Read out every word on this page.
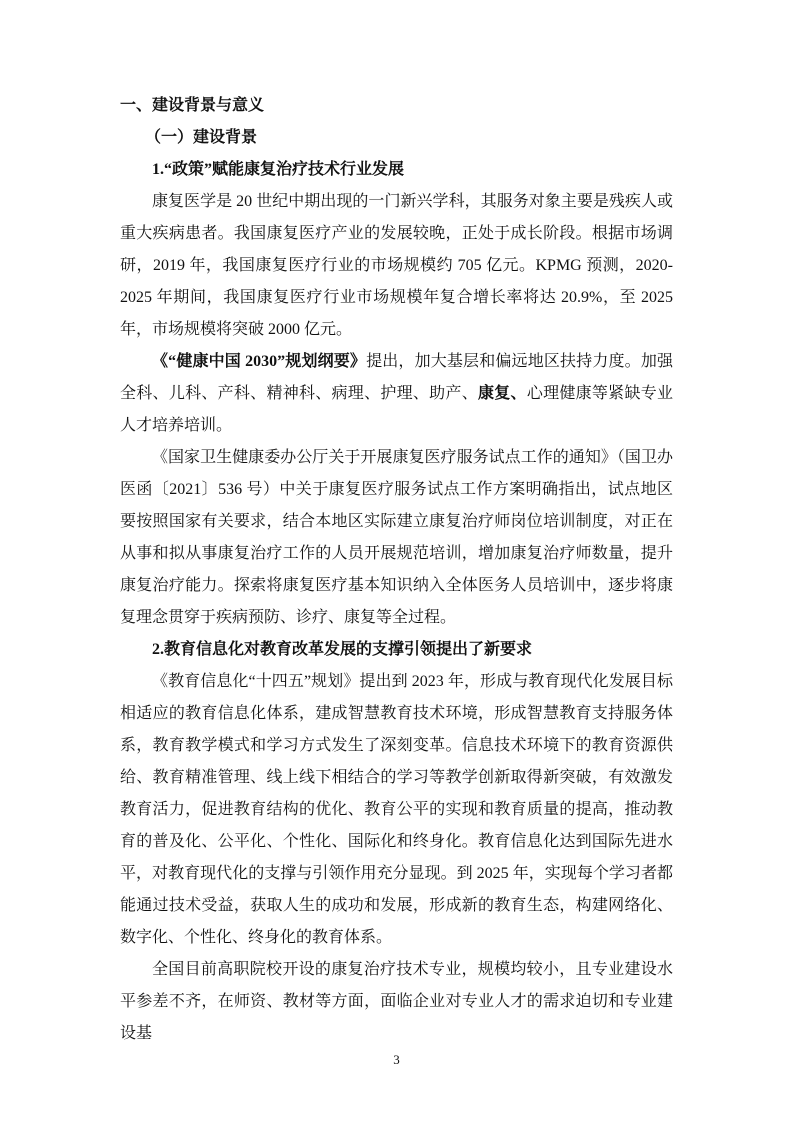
一、建设背景与意义
（一）建设背景
1.“政策”赋能康复治疗技术行业发展

康复医学是 20 世纪中期出现的一门新兴学科，其服务对象主要是残疾人或重大疾病患者。我国康复医疗产业的发展较晚，正处于成长阶段。根据市场调研，2019 年，我国康复医疗行业的市场规模约 705 亿元。KPMG 预测，2020-2025 年期间，我国康复医疗行业市场规模年复合增长率将达 20.9%，至 2025 年，市场规模将突破 2000 亿元。

《“健康中国 2030”规划纲要》提出，加大基层和偏远地区扶持力度。加强全科、儿科、产科、精神科、病理、护理、助产、康复、心理健康等紧缺专业人才培养培训。

《国家卫生健康委办公厅关于开展康复医疗服务试点工作的通知》（国卫办医函〔2021〕536 号）中关于康复医疗服务试点工作方案明确指出，试点地区要按照国家有关要求，结合本地区实际建立康复治疗师岗位培训制度，对正在从事和拟从事康复治疗工作的人员开展规范培训，增加康复治疗师数量，提升康复治疗能力。探索将康复医疗基本知识纳入全体医务人员培训中，逐步将康复理念贯穿于疾病预防、诊疗、康复等全过程。

2.教育信息化对教育改革发展的支撑引领提出了新要求

《教育信息化“十四五”规划》提出到 2023 年，形成与教育现代化发展目标相适应的教育信息化体系，建成智慧教育技术环境，形成智慧教育支持服务体系，教育教学模式和学习方式发生了深刻变革。信息技术环境下的教育资源供给、教育精准管理、线上线下相结合的学习等教学创新取得新突破，有效激发教育活力，促进教育结构的优化、教育公平的实现和教育质量的提高，推动教育的普及化、公平化、个性化、国际化和终身化。教育信息化达到国际先进水平，对教育现代化的支撑与引领作用充分显现。到 2025 年，实现每个学习者都能通过技术受益，获取人生的成功和发展，形成新的教育生态，构建网络化、数字化、个性化、终身化的教育体系。

全国目前高职院校开设的康复治疗技术专业，规模均较小，且专业建设水平参差不齐，在师资、教材等方面，面临企业对专业人才的需求迫切和专业建设基

3
